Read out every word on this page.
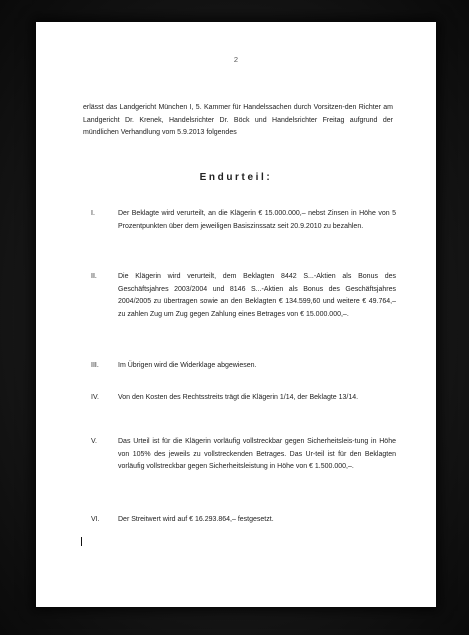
2
erlässt das Landgericht München I, 5. Kammer für Handelssachen durch Vorsitzen-den Richter am Landgericht Dr. Krenek, Handelsrichter Dr. Böck und Handelsrichter Freitag aufgrund der mündlichen Verhandlung vom 5.9.2013 folgendes
Endurteil:
I.	Der Beklagte wird verurteilt, an die Klägerin € 15.000.000,– nebst Zinsen in Höhe von 5 Prozentpunkten über dem jeweiligen Basiszinssatz seit 20.9.2010 zu bezahlen.
II.	Die Klägerin wird verurteilt, dem Beklagten 8442 S...-Aktien als Bonus des Geschäftsjahres 2003/2004 und 8146 S...-Aktien als Bonus des Geschäftsjahres 2004/2005 zu übertragen sowie an den Beklagten € 134.599,60 und weitere € 49.764,– zu zahlen Zug um Zug gegen Zahlung eines Betrages von € 15.000.000,–.
III.	Im Übrigen wird die Widerklage abgewiesen.
IV.	Von den Kosten des Rechtsstreits trägt die Klägerin 1/14, der Beklagte 13/14.
V.	Das Urteil ist für die Klägerin vorläufig vollstreckbar gegen Sicherheitsleis-tung in Höhe von 105% des jeweils zu vollstreckenden Betrages. Das Ur-teil ist für den Beklagten vorläufig vollstreckbar gegen Sicherheitsleistung in Höhe von € 1.500.000,–.
VI.	Der Streitwert wird auf € 16.293.864,– festgesetzt.
